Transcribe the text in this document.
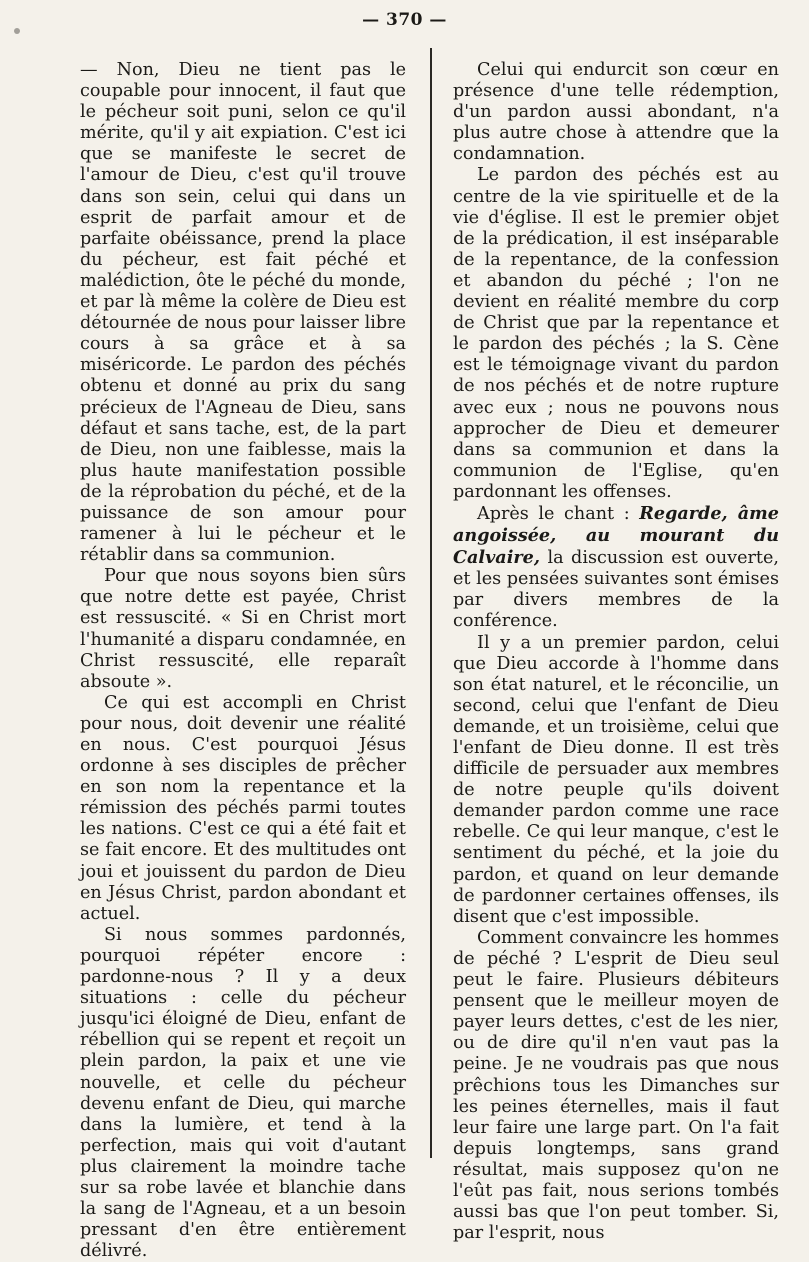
— 370 —

— Non, Dieu ne tient pas le coupable pour innocent, il faut que le pécheur soit puni, selon ce qu'il mérite, qu'il y ait expiation. C'est ici que se manifeste le secret de l'amour de Dieu, c'est qu'il trouve dans son sein, celui qui dans un esprit de parfait amour et de parfaite obéissance, prend la place du pécheur, est fait péché et malédiction, ôte le péché du monde, et par là même la colère de Dieu est détournée de nous pour laisser libre cours à sa grâce et à sa miséricorde. Le pardon des péchés obtenu et donné au prix du sang précieux de l'Agneau de Dieu, sans défaut et sans tache, est, de la part de Dieu, non une faiblesse, mais la plus haute manifestation possible de la réprobation du péché, et de la puissance de son amour pour ramener à lui le pécheur et le rétablir dans sa communion.

Pour que nous soyons bien sûrs que notre dette est payée, Christ est ressuscité. « Si en Christ mort l'humanité a disparu condamnée, en Christ ressuscité, elle reparaît absoute ».

Ce qui est accompli en Christ pour nous, doit devenir une réalité en nous. C'est pourquoi Jésus ordonne à ses disciples de prêcher en son nom la repentance et la rémission des péchés parmi toutes les nations. C'est ce qui a été fait et se fait encore. Et des multitudes ont joui et jouissent du pardon de Dieu en Jésus Christ, pardon abondant et actuel.

Si nous sommes pardonnés, pourquoi répéter encore : pardonne-nous ? Il y a deux situations : celle du pécheur jusqu'ici éloigné de Dieu, enfant de rébellion qui se repent et reçoit un plein pardon, la paix et une vie nouvelle, et celle du pécheur devenu enfant de Dieu, qui marche dans la lumière, et tend à la perfection, mais qui voit d'autant plus clairement la moindre tache sur sa robe lavée et blanchie dans la sang de l'Agneau, et a un besoin pressant d'en être entièrement délivré.

Celui qui endurcit son cœur en présence d'une telle rédemption, d'un pardon aussi abondant, n'a plus autre chose à attendre que la condamnation.

Le pardon des péchés est au centre de la vie spirituelle et de la vie d'église. Il est le premier objet de la prédication, il est inséparable de la repentance, de la confession et abandon du péché ; l'on ne devient en réalité membre du corp de Christ que par la repentance et le pardon des péchés ; la S. Cène est le témoignage vivant du pardon de nos péchés et de notre rupture avec eux ; nous ne pouvons nous approcher de Dieu et demeurer dans sa communion et dans la communion de l'Eglise, qu'en pardonnant les offenses.

Après le chant : Regarde, âme angoissée, au mourant du Calvaire, la discussion est ouverte, et les pensées suivantes sont émises par divers membres de la conférence.

Il y a un premier pardon, celui que Dieu accorde à l'homme dans son état naturel, et le réconcilie, un second, celui que l'enfant de Dieu demande, et un troisième, celui que l'enfant de Dieu donne. Il est très difficile de persuader aux membres de notre peuple qu'ils doivent demander pardon comme une race rebelle. Ce qui leur manque, c'est le sentiment du péché, et la joie du pardon, et quand on leur demande de pardonner certaines offenses, ils disent que c'est impossible.

Comment convaincre les hommes de péché ? L'esprit de Dieu seul peut le faire. Plusieurs débiteurs pensent que le meilleur moyen de payer leurs dettes, c'est de les nier, ou de dire qu'il n'en vaut pas la peine. Je ne voudrais pas que nous prêchions tous les Dimanches sur les peines éternelles, mais il faut leur faire une large part. On l'a fait depuis longtemps, sans grand résultat, mais supposez qu'on ne l'eût pas fait, nous serions tombés aussi bas que l'on peut tomber. Si, par l'esprit, nous
